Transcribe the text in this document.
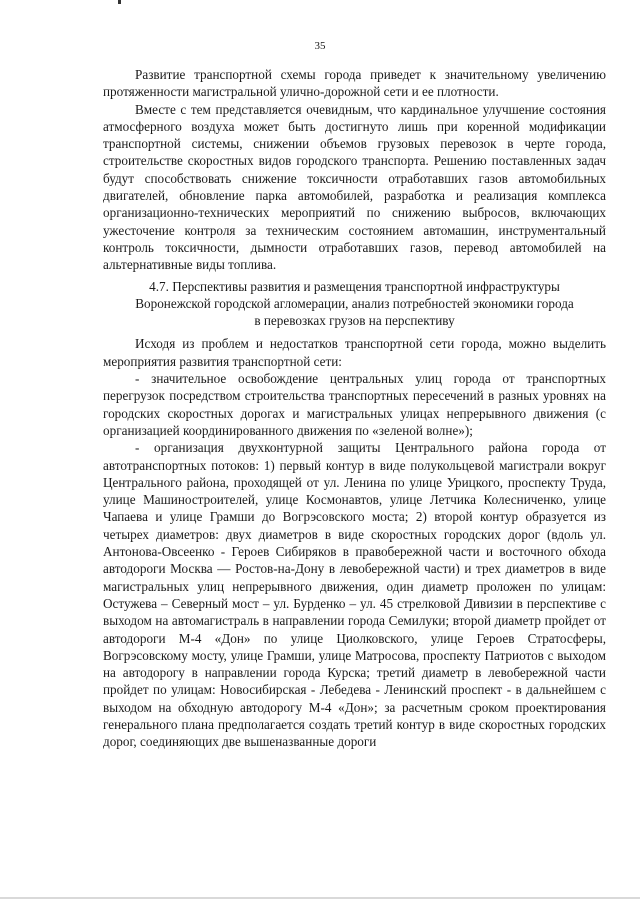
35

Развитие транспортной схемы города приведет к значительному увеличению протяженности магистральной улично-дорожной сети и ее плотности.

Вместе с тем представляется очевидным, что кардинальное улучшение состояния атмосферного воздуха может быть достигнуто лишь при коренной модификации транспортной системы, снижении объемов грузовых перевозок в черте города, строительстве скоростных видов городского транспорта. Решению поставленных задач будут способствовать снижение токсичности отработавших газов автомобильных двигателей, обновление парка автомобилей, разработка и реализация комплекса организационно-технических мероприятий по снижению выбросов, включающих ужесточение контроля за техническим состоянием автомашин, инструментальный контроль токсичности, дымности отработавших газов, перевод автомобилей на альтернативные виды топлива.

4.7. Перспективы развития и размещения транспортной инфраструктуры
Воронежской городской агломерации, анализ потребностей экономики города
в перевозках грузов на перспективу

Исходя из проблем и недостатков транспортной сети города, можно выделить мероприятия развития транспортной сети:

- значительное освобождение центральных улиц города от транспортных перегрузок посредством строительства транспортных пересечений в разных уровнях на городских скоростных дорогах и магистральных улицах непрерывного движения (с организацией координированного движения по «зеленой волне»);

- организация двухконтурной защиты Центрального района города от автотранспортных потоков: 1) первый контур в виде полукольцевой магистрали вокруг Центрального района, проходящей от ул. Ленина по улице Урицкого, проспекту Труда, улице Машиностроителей, улице Космонавтов, улице Летчика Колесниченко, улице Чапаева и улице Грамши до Вогрэсовского моста; 2) второй контур образуется из четырех диаметров: двух диаметров в виде скоростных городских дорог (вдоль ул. Антонова-Овсеенко - Героев Сибиряков в правобережной части и восточного обхода автодороги Москва — Ростов-на-Дону в левобережной части) и трех диаметров в виде магистральных улиц непрерывного движения, один диаметр проложен по улицам: Остужева – Северный мост – ул. Бурденко – ул. 45 стрелковой Дивизии в перспективе с выходом на автомагистраль в направлении города Семилуки; второй диаметр пройдет от автодороги М-4 «Дон» по улице Циолковского, улице Героев Стратосферы, Вогрэсовскому мосту, улице Грамши, улице Матросова, проспекту Патриотов с выходом на автодорогу в направлении города Курска; третий диаметр в левобережной части пройдет по улицам: Новосибирская - Лебедева - Ленинский проспект - в дальнейшем с выходом на обходную автодорогу М-4 «Дон»; за расчетным сроком проектирования генерального плана предполагается создать третий контур в виде скоростных городских дорог, соединяющих две вышеназванные дороги
